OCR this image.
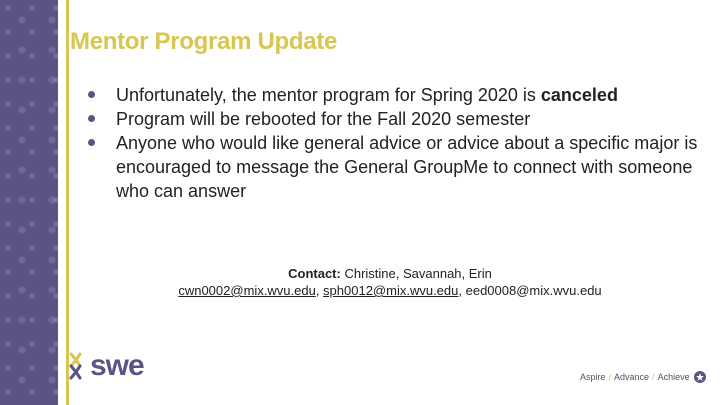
Mentor Program Update
Unfortunately, the mentor program for Spring 2020 is canceled
Program will be rebooted for the Fall 2020 semester
Anyone who would like general advice or advice about a specific major is encouraged to message the General GroupMe to connect with someone who can answer
Contact: Christine, Savannah, Erin
cwn0002@mix.wvu.edu, sph0012@mix.wvu.edu, eed0008@mix.wvu.edu
swe	Aspire / Advance / Achieve
